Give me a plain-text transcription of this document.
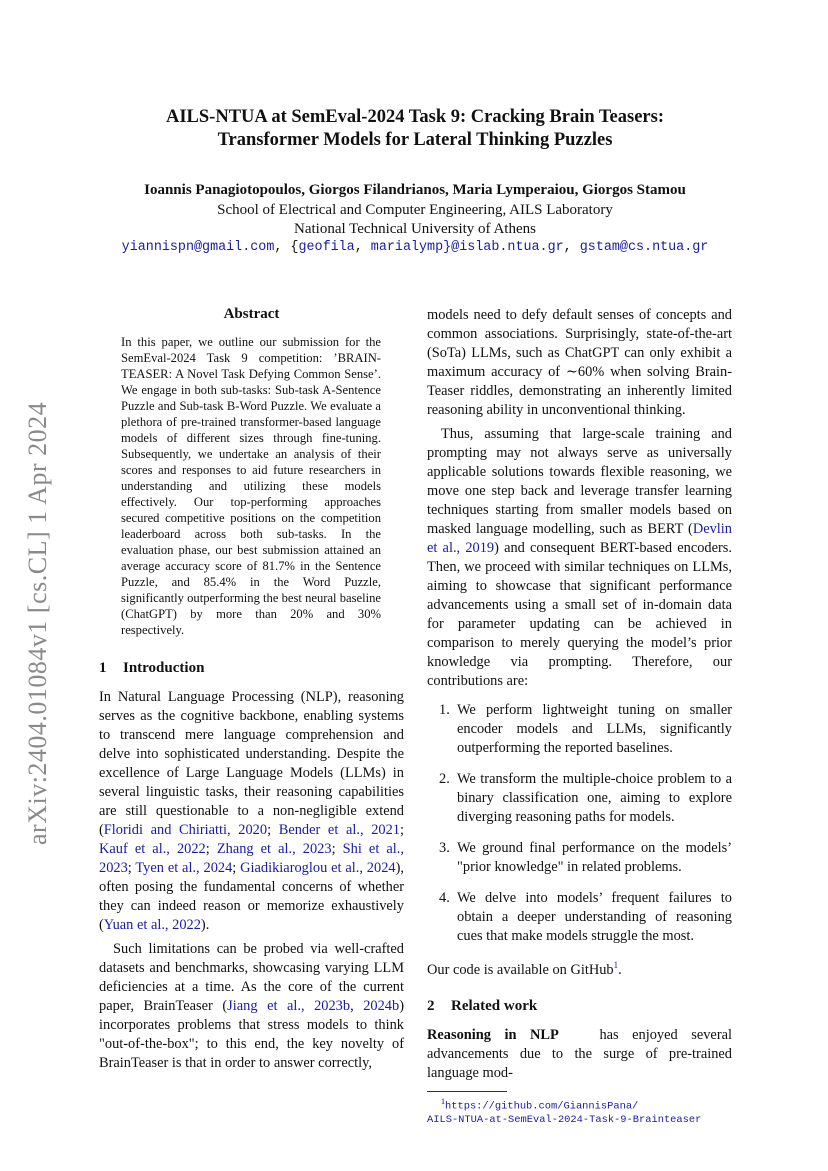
arXiv:2404.01084v1 [cs.CL] 1 Apr 2024
AILS-NTUA at SemEval-2024 Task 9: Cracking Brain Teasers:
Transformer Models for Lateral Thinking Puzzles
Ioannis Panagiotopoulos, Giorgos Filandrianos, Maria Lymperaiou, Giorgos Stamou
School of Electrical and Computer Engineering, AILS Laboratory
National Technical University of Athens
yiannispn@gmail.com, {geofila, marialymp}@islab.ntua.gr, gstam@cs.ntua.gr
Abstract

In this paper, we outline our submission for the SemEval-2024 Task 9 competition: ’BRAIN-TEASER: A Novel Task Defying Common Sense’. We engage in both sub-tasks: Sub-task A-Sentence Puzzle and Sub-task B-Word Puzzle. We evaluate a plethora of pre-trained transformer-based language models of different sizes through fine-tuning. Subsequently, we undertake an analysis of their scores and responses to aid future researchers in understanding and utilizing these models effectively. Our top-performing approaches secured competitive positions on the competition leaderboard across both sub-tasks. In the evaluation phase, our best submission attained an average accuracy score of 81.7% in the Sentence Puzzle, and 85.4% in the Word Puzzle, significantly outperforming the best neural baseline (ChatGPT) by more than 20% and 30% respectively.

1 Introduction

In Natural Language Processing (NLP), reasoning serves as the cognitive backbone, enabling systems to transcend mere language comprehension and delve into sophisticated understanding. Despite the excellence of Large Language Models (LLMs) in several linguistic tasks, their reasoning capabilities are still questionable to a non-negligible extend (Floridi and Chiriatti, 2020; Bender et al., 2021; Kauf et al., 2022; Zhang et al., 2023; Shi et al., 2023; Tyen et al., 2024; Giadikiaroglou et al., 2024), often posing the fundamental concerns of whether they can indeed reason or memorize exhaustively (Yuan et al., 2022).

Such limitations can be probed via well-crafted datasets and benchmarks, showcasing varying LLM deficiencies at a time. As the core of the current paper, BrainTeaser (Jiang et al., 2023b, 2024b) incorporates problems that stress models to think "out-of-the-box"; to this end, the key novelty of BrainTeaser is that in order to answer correctly,

models need to defy default senses of concepts and common associations. Surprisingly, state-of-the-art (SoTa) LLMs, such as ChatGPT can only exhibit a maximum accuracy of ∼60% when solving Brain-Teaser riddles, demonstrating an inherently limited reasoning ability in unconventional thinking.

Thus, assuming that large-scale training and prompting may not always serve as universally applicable solutions towards flexible reasoning, we move one step back and leverage transfer learning techniques starting from smaller models based on masked language modelling, such as BERT (Devlin et al., 2019) and consequent BERT-based encoders. Then, we proceed with similar techniques on LLMs, aiming to showcase that significant performance advancements using a small set of in-domain data for parameter updating can be achieved in comparison to merely querying the model’s prior knowledge via prompting. Therefore, our contributions are:

1. We perform lightweight tuning on smaller encoder models and LLMs, significantly outperforming the reported baselines.
2. We transform the multiple-choice problem to a binary classification one, aiming to explore diverging reasoning paths for models.
3. We ground final performance on the models’ "prior knowledge" in related problems.
4. We delve into models’ frequent failures to obtain a deeper understanding of reasoning cues that make models struggle the most.

Our code is available on GitHub$^1$.

2 Related work

Reasoning in NLP	has enjoyed several advancements due to the surge of pre-trained language mod-

$^1$https://github.com/GiannisPana/
AILS-NTUA-at-SemEval-2024-Task-9-Brainteaser
